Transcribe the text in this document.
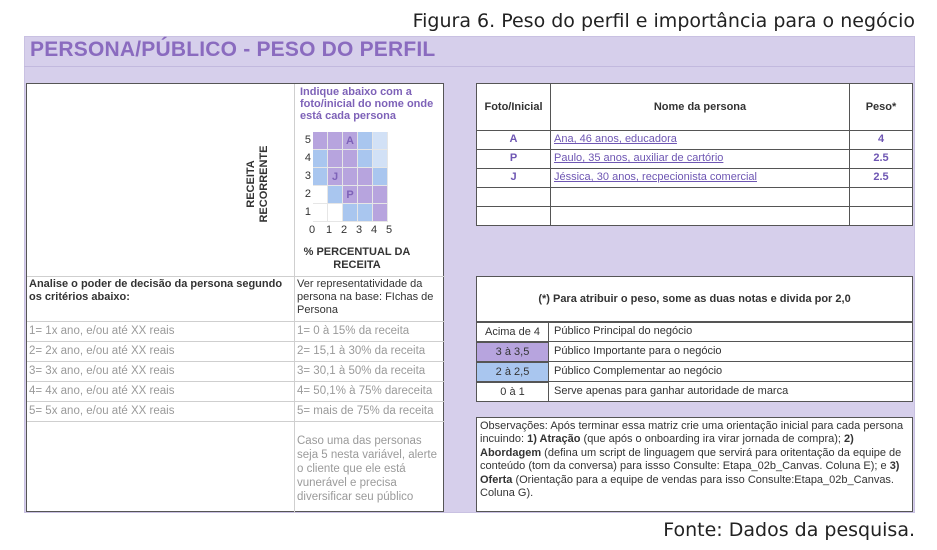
Figura 6. Peso do perfil e importância para o negócio
PERSONA/PÚBLICO - PESO DO PERFIL
Indique abaixo com a foto/inicial do nome onde está cada persona
RECEITA RECORRENTE
5	A
4
3	J
2	P
1
0 1 2 3 4 5
% PERCENTUAL DA RECEITA
Analise o poder de decisão da persona segundo os critérios abaixo:
Ver representatividade da persona na base: FIchas de Persona
Caso uma das personas seja 5 nesta variável, alerte o cliente que ele está vunerável e precisa diversificar seu público
1= 1x ano, e/ou até XX reais	1= 0 à 15% da receita
2= 2x ano, e/ou até XX reais	2= 15,1 à 30% da receita
3= 3x ano, e/ou até XX reais	3= 30,1 à 50% da receita
4= 4x ano, e/ou até XX reais	4= 50,1% à 75% dareceita
5= 5x ano, e/ou até XX reais	5= mais de 75% da receita
Foto/Inicial	Nome da persona	Peso*
A	Ana, 46 anos, educadora	4
P	Paulo, 35 anos, auxiliar de cartório	2.5
J	Jéssica, 30 anos, recpecionista comercial	2.5
(*) Para atribuir o peso, some as duas notas e divida por 2,0
Acima de 4	Público Principal do negócio
3 à 3,5	Público Importante para o negócio
2 à 2,5	Público Complementar ao negócio
0 à 1	Serve apenas para ganhar autoridade de marca
Observações: Após terminar essa matriz crie uma orientação inicial para cada persona incuindo: 1) Atração (que após o onboarding ira virar jornada de compra); 2) Abordagem (defina um script de linguagem que servirá para oritentação da equipe de conteúdo (tom da conversa) para issso Consulte: Etapa_02b_Canvas. Coluna E); e 3) Oferta (Orientação para a equipe de vendas para isso Consulte:Etapa_02b_Canvas. Coluna G).
Fonte: Dados da pesquisa.
